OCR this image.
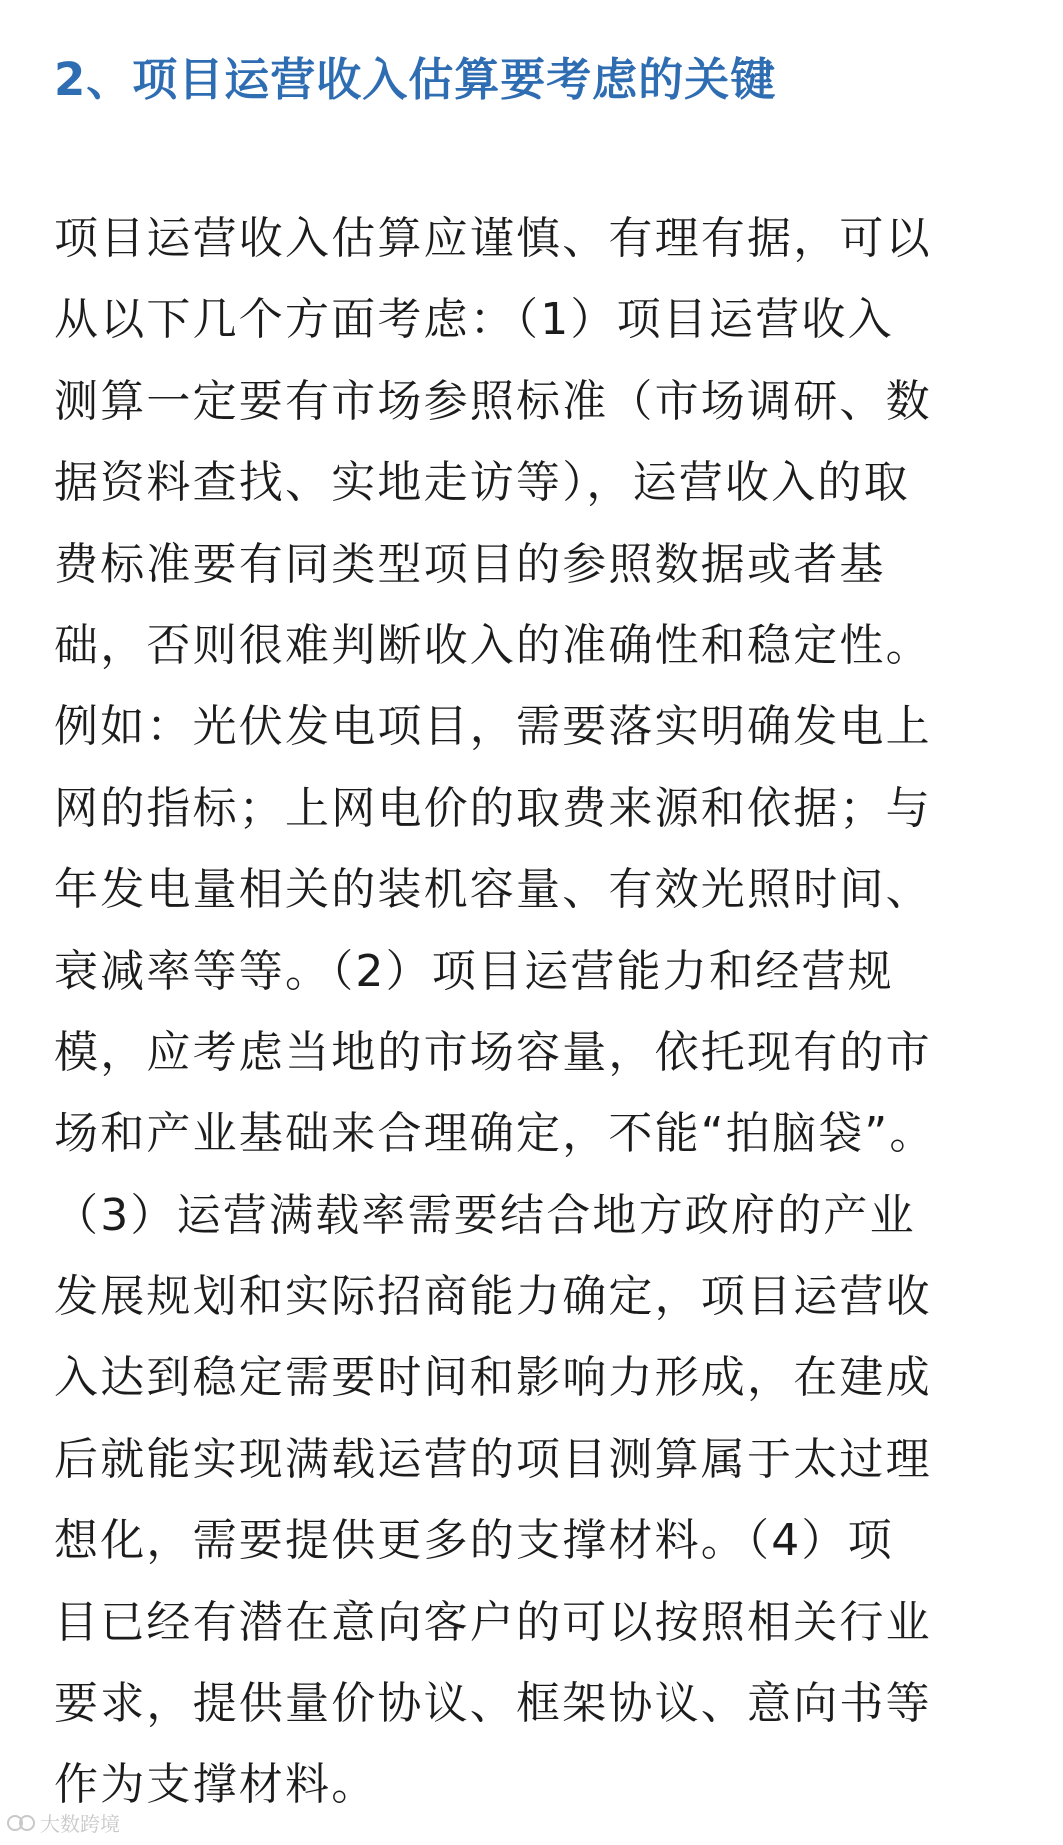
2、项目运营收入估算要考虑的关键
项目运营收入估算应谨慎、有理有据，可以
从以下几个方面考虑：（1）项目运营收入
测算一定要有市场参照标准（市场调研、数
据资料查找、实地走访等），运营收入的取
费标准要有同类型项目的参照数据或者基
础，否则很难判断收入的准确性和稳定性。
例如：光伏发电项目，需要落实明确发电上
网的指标；上网电价的取费来源和依据；与
年发电量相关的装机容量、有效光照时间、
衰减率等等。（2）项目运营能力和经营规
模，应考虑当地的市场容量，依托现有的市
场和产业基础来合理确定，不能“拍脑袋”。
（3）运营满载率需要结合地方政府的产业
发展规划和实际招商能力确定，项目运营收
入达到稳定需要时间和影响力形成，在建成
后就能实现满载运营的项目测算属于太过理
想化，需要提供更多的支撑材料。（4）项
目已经有潜在意向客户的可以按照相关行业
要求，提供量价协议、框架协议、意向书等
作为支撑材料。
大数跨境
